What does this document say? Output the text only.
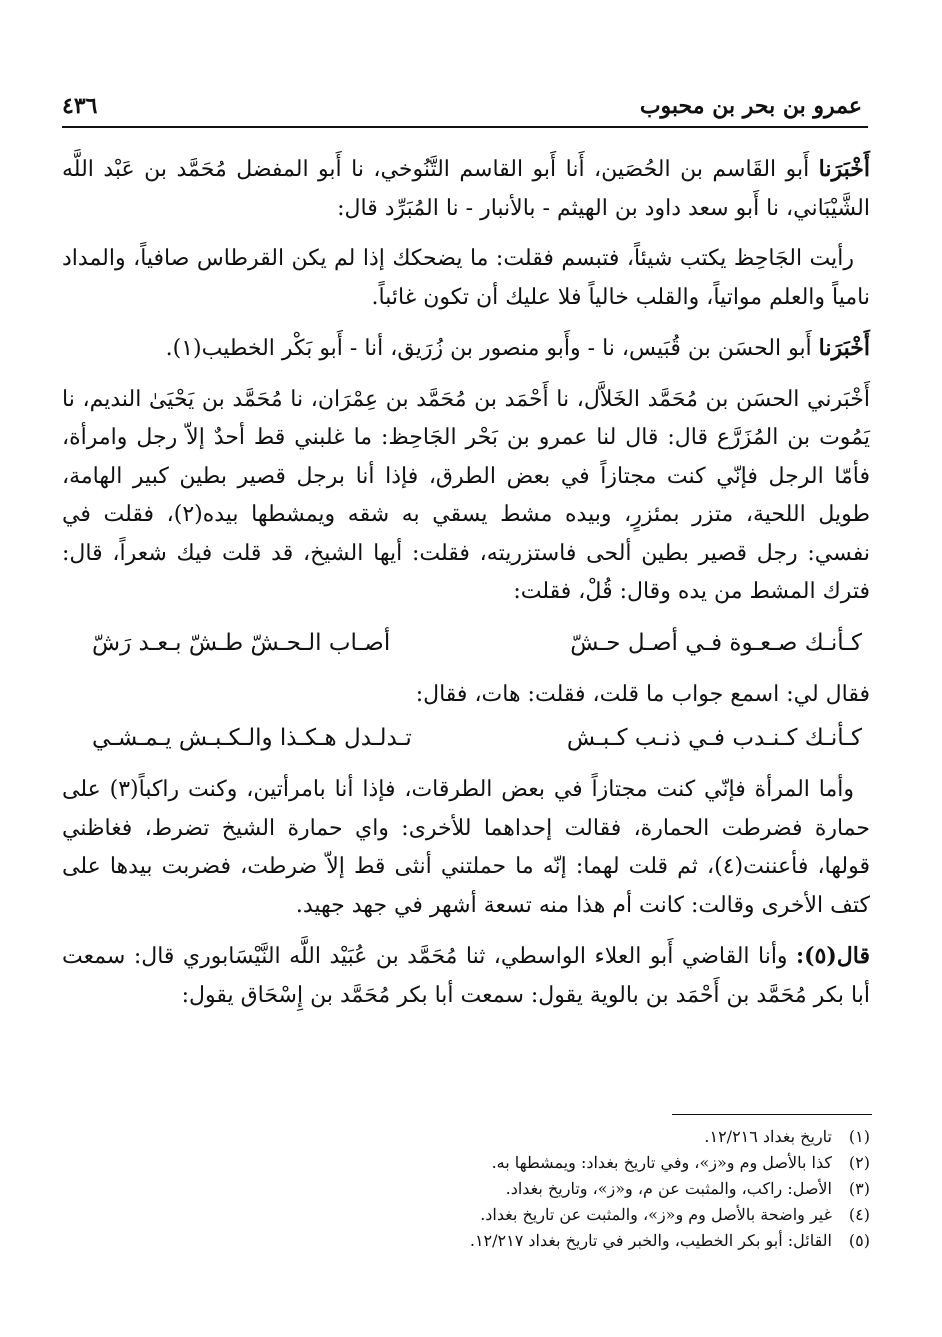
عمرو بن بحر بن محبوب
٤٣٦

أَخْبَرَنا أَبو القَاسم بن الحُصَين، أَنا أَبو القاسم التَّنُوخي، نا أَبو المفضل مُحَمَّد بن عَبْد اللَّه الشَّيْبَاني، نا أَبو سعد داود بن الهيثم - بالأنبار - نا المُبَرِّد قال:

رأيت الجَاحِظ يكتب شيئاً، فتبسم فقلت: ما يضحكك إذا لم يكن القرطاس صافياً، والمداد نامياً والعلم مواتياً، والقلب خالياً فلا عليك أن تكون غائباً.

أَخْبَرَنا أَبو الحسَن بن قُبَيس، نا - وأَبو منصور بن زُرَيق، أنا - أَبو بَكْر الخطيب(١).

أَخْبَرني الحسَن بن مُحَمَّد الخَلاَّل، نا أَحْمَد بن مُحَمَّد بن عِمْرَان، نا مُحَمَّد بن يَحْيَىٰ النديم، نا يَمُوت بن المُزَرَّع قال: قال لنا عمرو بن بَحْر الجَاحِظ: ما غلبني قط أحدٌ إلاّ رجل وامرأة، فأمّا الرجل فإنّي كنت مجتازاً في بعض الطرق، فإذا أنا برجل قصير بطين كبير الهامة، طويل اللحية، متزر بمئزرٍ، وبيده مشط يسقي به شقه ويمشطها بيده(٢)، فقلت في نفسي: رجل قصير بطين ألحى فاستزريته، فقلت: أيها الشيخ، قد قلت فيك شعراً، قال: فترك المشط من يده وقال: قُلْ، فقلت:

كـأنـك صـعـوة فـي أصـل حـشّ
أصـاب الـحـشّ طـشّ بـعـد رَشّ

فقال لي: اسمع جواب ما قلت، فقلت: هات، فقال:

كـأنـك كـنـدب فـي ذنـب كـبـش
تـدلـدل هـكـذا والـكـبـش يـمـشـي

وأما المرأة فإنّي كنت مجتازاً في بعض الطرقات، فإذا أنا بامرأتين، وكنت راكباً(٣) على حمارة فضرطت الحمارة، فقالت إحداهما للأخرى: واي حمارة الشيخ تضرط، فغاظني قولها، فأعننت(٤)، ثم قلت لهما: إنّه ما حملتني أنثى قط إلاّ ضرطت، فضربت بيدها على كتف الأخرى وقالت: كانت أم هذا منه تسعة أشهر في جهد جهيد.

قال(٥): وأنا القاضي أَبو العلاء الواسطي، ثنا مُحَمَّد بن عُبَيْد اللَّه النَّيْسَابوري قال: سمعت أبا بكر مُحَمَّد بن أَحْمَد بن بالوية يقول: سمعت أبا بكر مُحَمَّد بن إِسْحَاق يقول:

(١)
تاريخ بغداد ١٢/٢١٦.

(٢)
كذا بالأصل وم و«ز»، وفي تاريخ بغداد: ويمشطها به.

(٣)
الأصل: راكب، والمثبت عن م، و«ز»، وتاريخ بغداد.

(٤)
غير واضحة بالأصل وم و«ز»، والمثبت عن تاريخ بغداد.

(٥)
القائل: أبو بكر الخطيب، والخبر في تاريخ بغداد ١٢/٢١٧.
